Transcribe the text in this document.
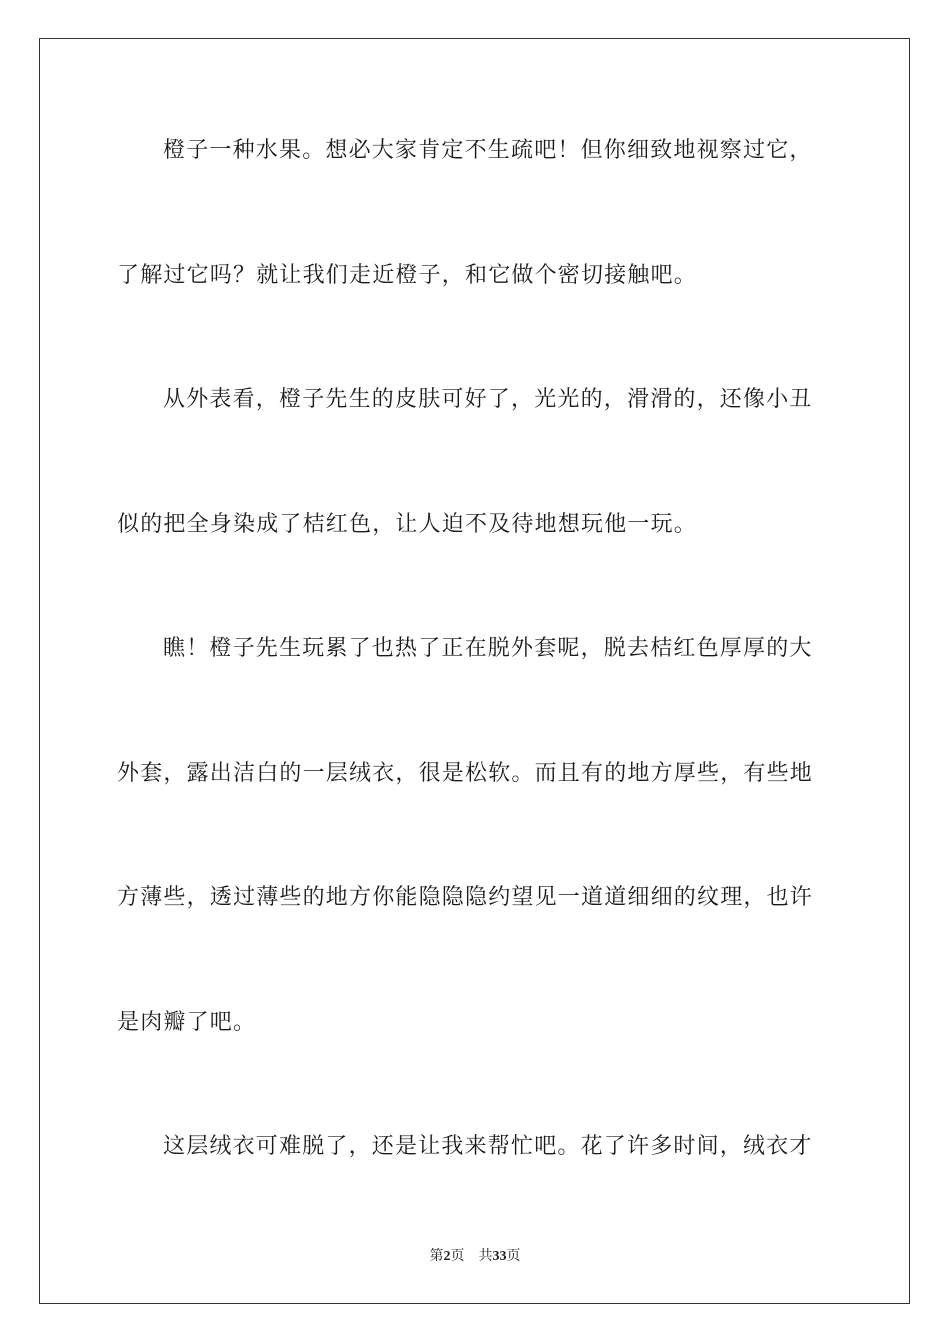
橙子一种水果。想必大家肯定不生疏吧！但你细致地视察过它，
了解过它吗？就让我们走近橙子，和它做个密切接触吧。
从外表看，橙子先生的皮肤可好了，光光的，滑滑的，还像小丑
似的把全身染成了桔红色，让人迫不及待地想玩他一玩。
瞧！橙子先生玩累了也热了正在脱外套呢，脱去桔红色厚厚的大
外套，露出洁白的一层绒衣，很是松软。而且有的地方厚些，有些地
方薄些，透过薄些的地方你能隐隐隐约望见一道道细细的纹理，也许
是肉瓣了吧。
这层绒衣可难脱了，还是让我来帮忙吧。花了许多时间，绒衣才
第2页 共33页
